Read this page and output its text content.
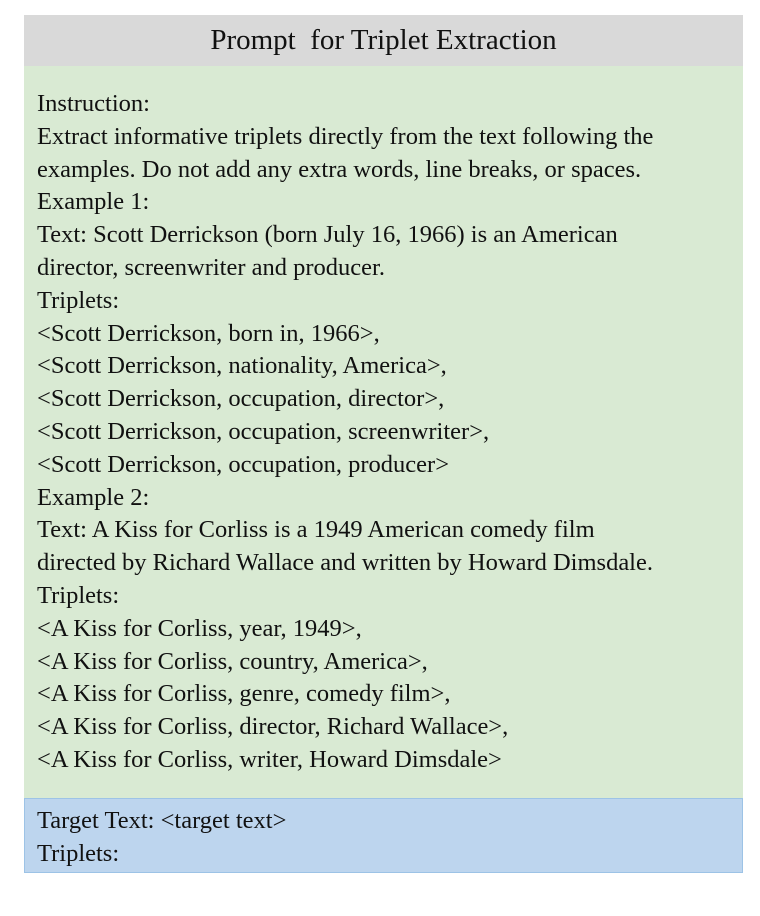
Prompt  for Triplet Extraction
Instruction:
Extract informative triplets directly from the text following the
examples. Do not add any extra words, line breaks, or spaces.
Example 1:
Text: Scott Derrickson (born July 16, 1966) is an American
director, screenwriter and producer.
Triplets:
<Scott Derrickson, born in, 1966>,
<Scott Derrickson, nationality, America>,
<Scott Derrickson, occupation, director>,
<Scott Derrickson, occupation, screenwriter>,
<Scott Derrickson, occupation, producer>
Example 2:
Text: A Kiss for Corliss is a 1949 American comedy film
directed by Richard Wallace and written by Howard Dimsdale.
Triplets:
<A Kiss for Corliss, year, 1949>,
<A Kiss for Corliss, country, America>,
<A Kiss for Corliss, genre, comedy film>,
<A Kiss for Corliss, director, Richard Wallace>,
<A Kiss for Corliss, writer, Howard Dimsdale>
Target Text: <target text>
Triplets:
